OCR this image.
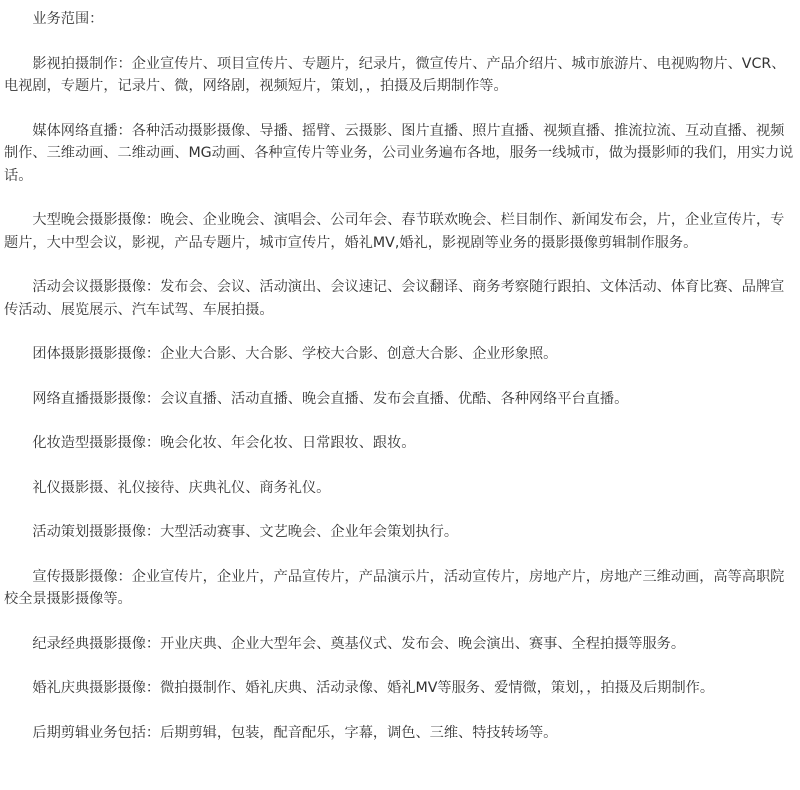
业务范围：

影视拍摄制作：企业宣传片、项目宣传片、专题片，纪录片，微宣传片、产品介绍片、城市旅游片、电视购物片、VCR、电视剧，专题片，记录片、微，网络剧，视频短片，策划，，拍摄及后期制作等。

媒体网络直播：各种活动摄影摄像、导播、摇臂、云摄影、图片直播、照片直播、视频直播、推流拉流、互动直播、视频制作、三维动画、二维动画、MG动画、各种宣传片等业务，公司业务遍布各地，服务一线城市，做为摄影师的我们，用实力说话。

大型晚会摄影摄像：晚会、企业晚会、演唱会、公司年会、春节联欢晚会、栏目制作、新闻发布会，片，企业宣传片，专题片，大中型会议，影视，产品专题片，城市宣传片，婚礼MV,婚礼，影视剧等业务的摄影摄像剪辑制作服务。

活动会议摄影摄像：发布会、会议、活动演出、会议速记、会议翻译、商务考察随行跟拍、文体活动、体育比赛、品牌宣传活动、展览展示、汽车试驾、车展拍摄。

团体摄影摄影摄像：企业大合影、大合影、学校大合影、创意大合影、企业形象照。

网络直播摄影摄像：会议直播、活动直播、晚会直播、发布会直播、优酷、各种网络平台直播。

化妆造型摄影摄像：晚会化妆、年会化妆、日常跟妆、跟妆。

礼仪摄影摄、礼仪接待、庆典礼仪、商务礼仪。

活动策划摄影摄像：大型活动赛事、文艺晚会、企业年会策划执行。

宣传摄影摄像：企业宣传片，企业片，产品宣传片，产品演示片，活动宣传片，房地产片，房地产三维动画，高等高职院校全景摄影摄像等。

纪录经典摄影摄像：开业庆典、企业大型年会、奠基仪式、发布会、晚会演出、赛事、全程拍摄等服务。

婚礼庆典摄影摄像：微拍摄制作、婚礼庆典、活动录像、婚礼MV等服务、爱情微，策划，，拍摄及后期制作。

后期剪辑业务包括：后期剪辑，包装，配音配乐，字幕，调色、三维、特技转场等。
